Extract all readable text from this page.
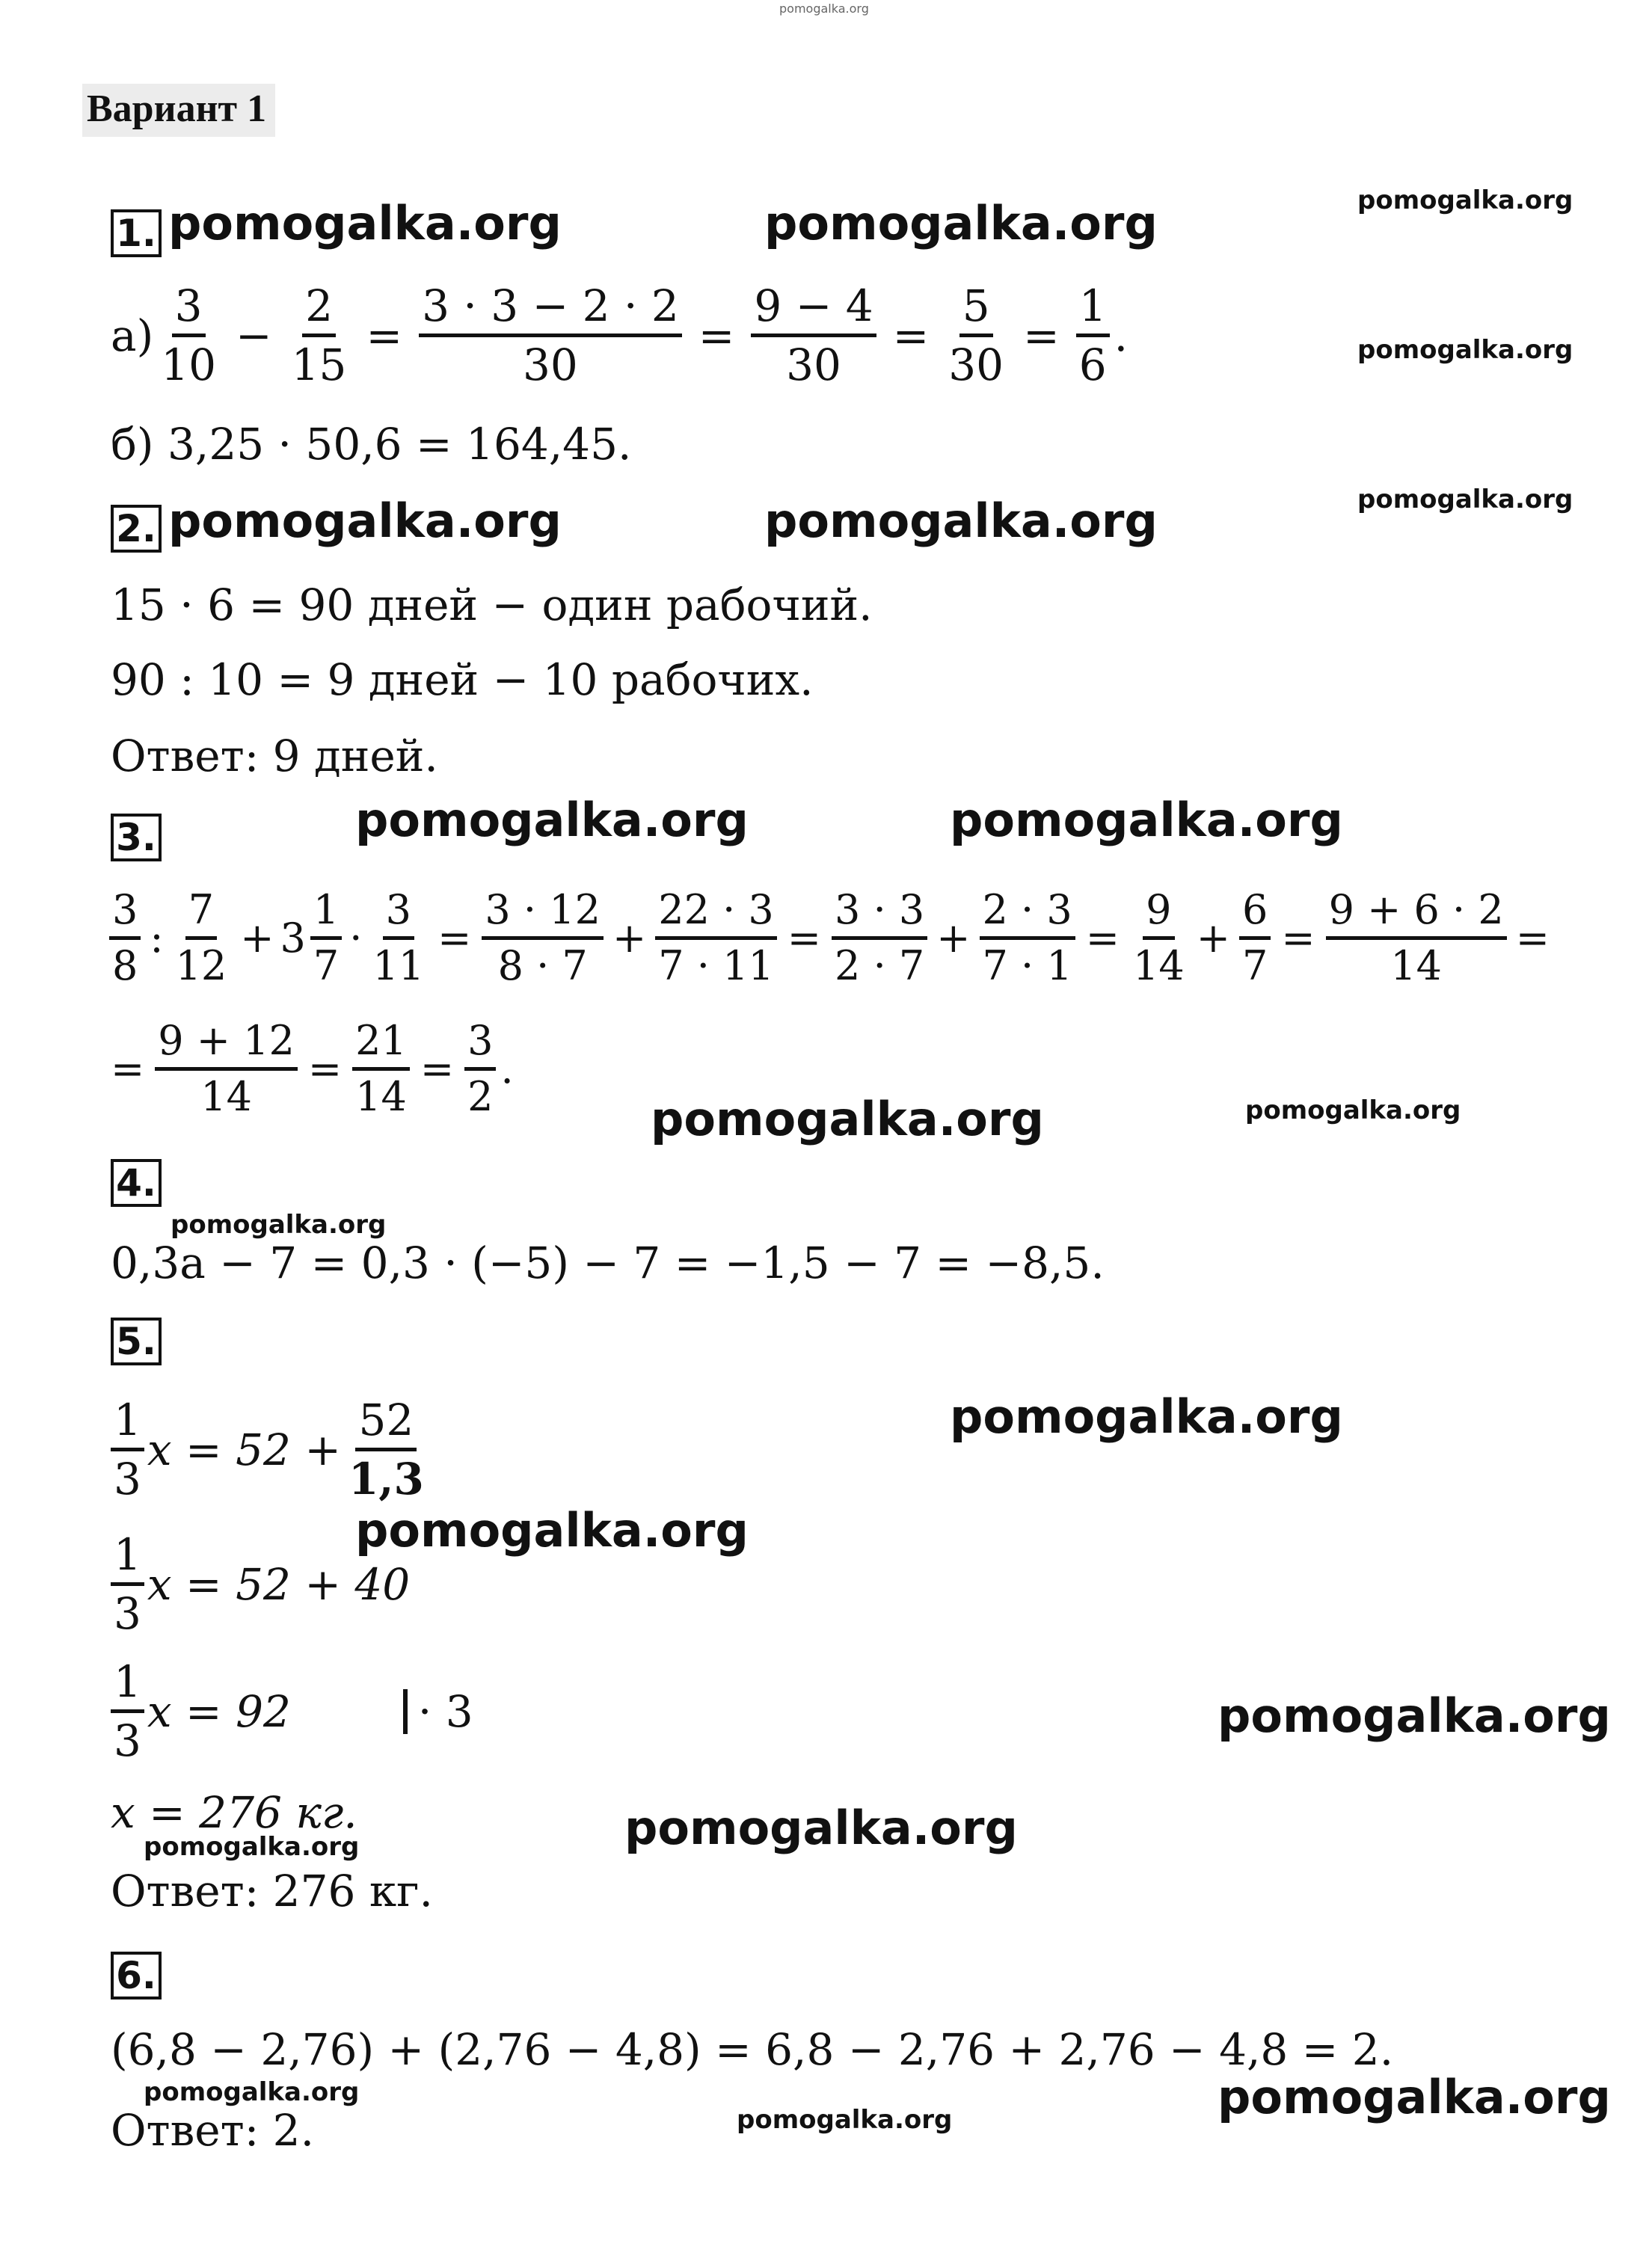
pomogalka.org
Вариант 1
pomogalka.org
pomogalka.org
pomogalka.org
pomogalka.org	pomogalka.org
pomogalka.org	pomogalka.org
pomogalka.org	pomogalka.org
pomogalka.org	pomogalka.org
pomogalka.org
pomogalka.org
pomogalka.org
pomogalka.org
pomogalka.org
pomogalka.org
pomogalka.org	pomogalka.org
pomogalka.org
1.
2.
3.
4.
5.
6.
а)
3
10
− $\frac{2}{15} = \frac{3 \cdot 3 - 2 \cdot 2}{30} = \frac{9 - 4}{30} = \frac{5}{30} = \frac{1}{6}$ .
б) 3,25 · 50,6 = 164,45.
15 · 6 = 90 дней − один рабочий.
90 : 10 = 9 дней − 10 рабочих.
Ответ: 9 дней.
3
8
:
7
12
+ 3
1
7
· $\frac{3}{11} = \frac{3 \cdot 12}{8 \cdot 7} + \frac{22 \cdot 3}{7 \cdot 11} = \frac{3 \cdot 3}{2 \cdot 7} + \frac{2 \cdot 3}{7 \cdot 1} = \frac{9}{14} + \frac{6}{7} = \frac{9 + 6 \cdot 2}{14}$ =
= $\frac{9 + 12}{14} = \frac{21}{14} = \frac{3}{2}$ .
0,3a − 7 = 0,3 · (−5) − 7 = −1,5 − 7 = −8,5.
1
3
$x = 52 + \frac{52}{1,3}$
1
3
x = 52 + 40
1
3
x = 92	· 3
x = 276 кг.
Ответ: 276 кг.
(6,8 − 2,76) + (2,76 − 4,8) = 6,8 − 2,76 + 2,76 − 4,8 = 2.
Ответ: 2.
